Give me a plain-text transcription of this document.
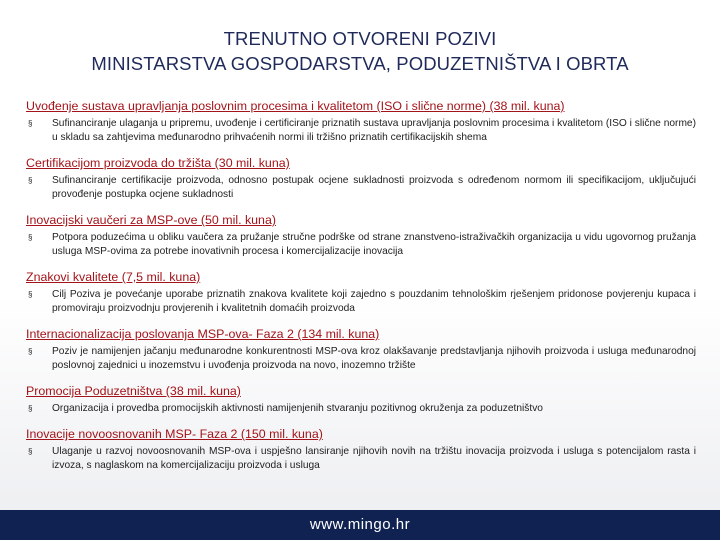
TRENUTNO OTVORENI POZIVI
MINISTARSTVA GOSPODARSTVA, PODUZETNIŠTVA I OBRTA
Uvođenje sustava upravljanja poslovnim procesima i kvalitetom (ISO i slične norme) (38 mil. kuna)
§	Sufinanciranje ulaganja u pripremu, uvođenje i certificiranje priznatih sustava upravljanja poslovnim procesima i kvalitetom (ISO i slične norme) u skladu sa zahtjevima međunarodno prihvaćenih normi ili tržišno priznatih certifikacijskih shema
Certifikacijom proizvoda do tržišta (30 mil. kuna)
§	Sufinanciranje certifikacije proizvoda, odnosno postupak ocjene sukladnosti proizvoda s određenom normom ili specifikacijom, uključujući provođenje postupka ocjene sukladnosti
Inovacijski vaučeri za MSP-ove (50 mil. kuna)
§	Potpora poduzećima u obliku vaučera za pružanje stručne podrške od strane znanstveno-istraživačkih organizacija u vidu ugovornog pružanja usluga MSP-ovima za potrebe inovativnih procesa i komercijalizacije inovacija
Znakovi kvalitete (7,5 mil. kuna)
§	Cilj Poziva je povećanje uporabe priznatih znakova kvalitete koji zajedno s pouzdanim tehnološkim rješenjem pridonose povjerenju kupaca i promoviraju proizvodnju provjerenih i kvalitetnih domaćih proizvoda
Internacionalizacija poslovanja MSP-ova- Faza 2 (134 mil. kuna)
§	Poziv je namijenjen jačanju međunarodne konkurentnosti MSP-ova kroz olakšavanje predstavljanja njihovih proizvoda i usluga međunarodnoj poslovnoj zajednici u inozemstvu i uvođenja proizvoda na novo, inozemno tržište
Promocija Poduzetništva (38 mil. kuna)
§	Organizacija i provedba promocijskih aktivnosti namijenjenih stvaranju pozitivnog okruženja za poduzetništvo
Inovacije novoosnovanih MSP- Faza 2 (150 mil. kuna)
§	Ulaganje u razvoj novoosnovanih MSP-ova i uspješno lansiranje njihovih novih na tržištu inovacija proizvoda i usluga s potencijalom rasta i izvoza, s naglaskom na komercijalizaciju proizvoda i usluga
www.mingo.hr
